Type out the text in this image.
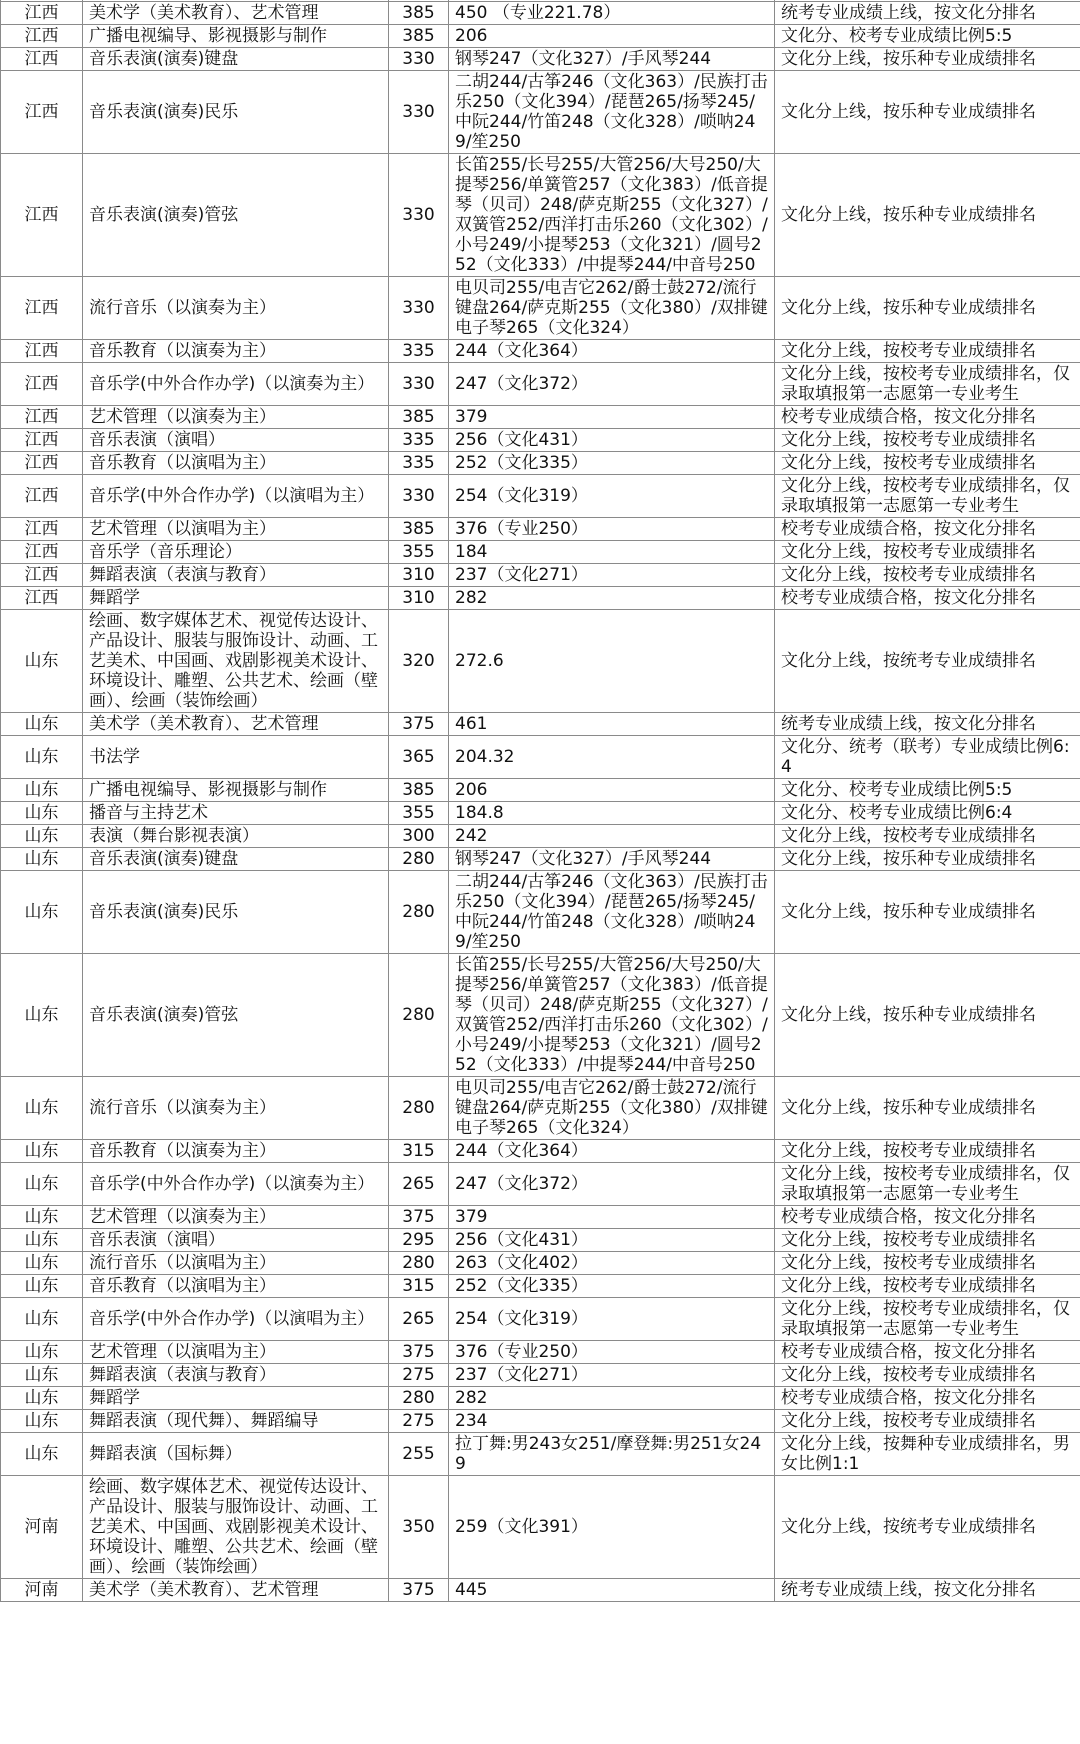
江西	美术学（美术教育）、艺术管理	385	450 （专业221.78）	统考专业成绩上线，按文化分排名
江西	广播电视编导、影视摄影与制作	385	206	文化分、校考专业成绩比例5:5
江西	音乐表演(演奏)键盘	330	钢琴247（文化327）/手风琴244	文化分上线，按乐种专业成绩排名
江西	音乐表演(演奏)民乐	330	二胡244/古筝246（文化363）/民族打击乐250（文化394）/琵琶265/扬琴245/中阮244/竹笛248（文化328）/唢呐249/笙250	文化分上线，按乐种专业成绩排名
江西	音乐表演(演奏)管弦	330	长笛255/长号255/大管256/大号250/大提琴256/单簧管257（文化383）/低音提琴（贝司）248/萨克斯255（文化327）/双簧管252/西洋打击乐260（文化302）/小号249/小提琴253（文化321）/圆号252（文化333）/中提琴244/中音号250	文化分上线，按乐种专业成绩排名
江西	流行音乐（以演奏为主）	330	电贝司255/电吉它262/爵士鼓272/流行键盘264/萨克斯255（文化380）/双排键电子琴265（文化324）	文化分上线，按乐种专业成绩排名
江西	音乐教育（以演奏为主）	335	244（文化364）	文化分上线，按校考专业成绩排名
江西	音乐学(中外合作办学)（以演奏为主）	330	247（文化372）	文化分上线，按校考专业成绩排名，仅录取填报第一志愿第一专业考生
江西	艺术管理（以演奏为主）	385	379	校考专业成绩合格，按文化分排名
江西	音乐表演（演唱）	335	256（文化431）	文化分上线，按校考专业成绩排名
江西	音乐教育（以演唱为主）	335	252（文化335）	文化分上线，按校考专业成绩排名
江西	音乐学(中外合作办学)（以演唱为主）	330	254（文化319）	文化分上线，按校考专业成绩排名，仅录取填报第一志愿第一专业考生
江西	艺术管理（以演唱为主）	385	376（专业250）	校考专业成绩合格，按文化分排名
江西	音乐学（音乐理论）	355	184	文化分上线，按校考专业成绩排名
江西	舞蹈表演（表演与教育）	310	237（文化271）	文化分上线，按校考专业成绩排名
江西	舞蹈学	310	282	校考专业成绩合格，按文化分排名
山东	绘画、数字媒体艺术、视觉传达设计、产品设计、服装与服饰设计、动画、工艺美术、中国画、戏剧影视美术设计、环境设计、雕塑、公共艺术、绘画（壁画）、绘画（装饰绘画）	320	272.6	文化分上线，按统考专业成绩排名
山东	美术学（美术教育）、艺术管理	375	461	统考专业成绩上线，按文化分排名
山东	书法学	365	204.32	文化分、统考（联考）专业成绩比例6:4
山东	广播电视编导、影视摄影与制作	385	206	文化分、校考专业成绩比例5:5
山东	播音与主持艺术	355	184.8	文化分、校考专业成绩比例6:4
山东	表演（舞台影视表演）	300	242	文化分上线，按校考专业成绩排名
山东	音乐表演(演奏)键盘	280	钢琴247（文化327）/手风琴244	文化分上线，按乐种专业成绩排名
山东	音乐表演(演奏)民乐	280	二胡244/古筝246（文化363）/民族打击乐250（文化394）/琵琶265/扬琴245/中阮244/竹笛248（文化328）/唢呐249/笙250	文化分上线，按乐种专业成绩排名
山东	音乐表演(演奏)管弦	280	长笛255/长号255/大管256/大号250/大提琴256/单簧管257（文化383）/低音提琴（贝司）248/萨克斯255（文化327）/双簧管252/西洋打击乐260（文化302）/小号249/小提琴253（文化321）/圆号252（文化333）/中提琴244/中音号250	文化分上线，按乐种专业成绩排名
山东	流行音乐（以演奏为主）	280	电贝司255/电吉它262/爵士鼓272/流行键盘264/萨克斯255（文化380）/双排键电子琴265（文化324）	文化分上线，按乐种专业成绩排名
山东	音乐教育（以演奏为主）	315	244（文化364）	文化分上线，按校考专业成绩排名
山东	音乐学(中外合作办学)（以演奏为主）	265	247（文化372）	文化分上线，按校考专业成绩排名，仅录取填报第一志愿第一专业考生
山东	艺术管理（以演奏为主）	375	379	校考专业成绩合格，按文化分排名
山东	音乐表演（演唱）	295	256（文化431）	文化分上线，按校考专业成绩排名
山东	流行音乐（以演唱为主）	280	263（文化402）	文化分上线，按校考专业成绩排名
山东	音乐教育（以演唱为主）	315	252（文化335）	文化分上线，按校考专业成绩排名
山东	音乐学(中外合作办学)（以演唱为主）	265	254（文化319）	文化分上线，按校考专业成绩排名，仅录取填报第一志愿第一专业考生
山东	艺术管理（以演唱为主）	375	376（专业250）	校考专业成绩合格，按文化分排名
山东	舞蹈表演（表演与教育）	275	237（文化271）	文化分上线，按校考专业成绩排名
山东	舞蹈学	280	282	校考专业成绩合格，按文化分排名
山东	舞蹈表演（现代舞）、舞蹈编导	275	234	文化分上线，按校考专业成绩排名
山东	舞蹈表演（国标舞）	255	拉丁舞:男243女251/摩登舞:男251女249	文化分上线，按舞种专业成绩排名，男女比例1:1
河南	绘画、数字媒体艺术、视觉传达设计、产品设计、服装与服饰设计、动画、工艺美术、中国画、戏剧影视美术设计、环境设计、雕塑、公共艺术、绘画（壁画）、绘画（装饰绘画）	350	259（文化391）	文化分上线，按统考专业成绩排名
河南	美术学（美术教育）、艺术管理	375	445	统考专业成绩上线，按文化分排名
